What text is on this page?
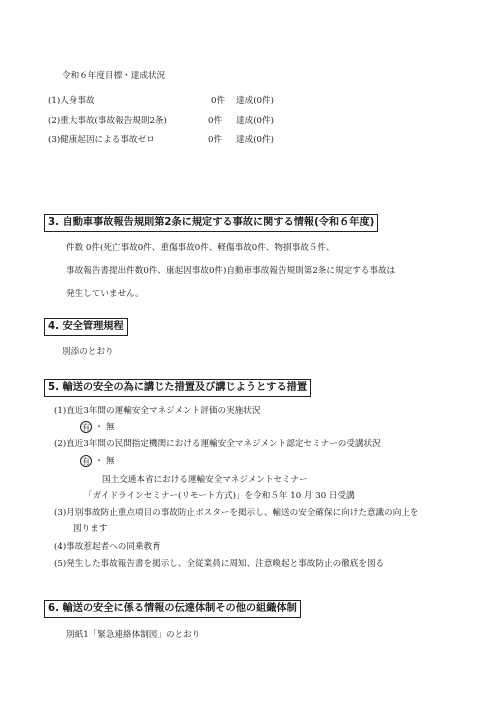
令和６年度目標・達成状況
(1)人身事故	0件 達成(0件)
(2)重大事故(事故報告規則2条)	0件 達成(0件)
(3)健康起因による事故ゼロ	0件 達成(0件)
3. 自動車事故報告規則第2条に規定する事故に関する情報(令和６年度)
件数 0件(死亡事故0件、重傷事故0件、軽傷事故0件、物損事故５件、
事故報告書提出件数0件、康起因事故0件)自動車事故報告規則第2条に規定する事故は
発生していません。
4. 安全管理規程
別添のとおり
5. 輸送の安全の為に講じた措置及び講じようとする措置
(1)直近3年間の運輸安全マネジメント評価の実施状況
有 ・ 無
(2)直近3年間の民間指定機関における運輸安全マネジメント認定セミナーの受講状況
有 ・ 無
国土交通本省における運輸安全マネジメントセミナー
「ガイドラインセミナー(リモート方式)」を令和５年 10 月 30 日受講
(3)月別事故防止重点項目の事故防止ポスターを掲示し、輸送の安全確保に向けた意識の向上を
図ります
(4)事故惹起者への同乗教育
(5)発生した事故報告書を掲示し、全従業員に周知、注意喚起と事故防止の徹底を図る
6. 輸送の安全に係る情報の伝達体制その他の組織体制
別紙1「緊急連絡体制図」のとおり
